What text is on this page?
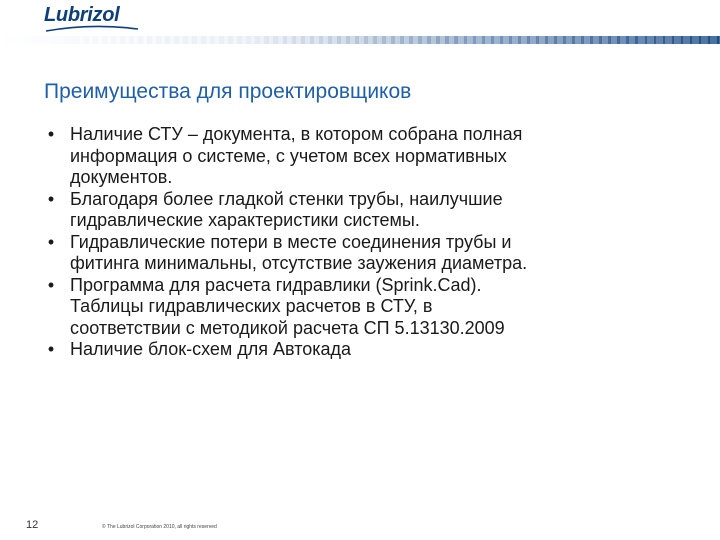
Lubrizol
Преимущества для проектировщиков
• Наличие СТУ – документа, в котором собрана полная
информация о системе, с учетом всех нормативных
документов.
• Благодаря более гладкой стенки трубы, наилучшие
гидравлические характеристики системы.
• Гидравлические потери в месте соединения трубы и
фитинга минимальны, отсутствие заужения диаметра.
• Программа для расчета гидравлики (Sprink.Cad).
Таблицы гидравлических расчетов в СТУ, в
соответствии с методикой расчета СП 5.13130.2009
• Наличие блок-схем для Автокада
12	© The Lubrizol Corporation 2010, all rights reserved
